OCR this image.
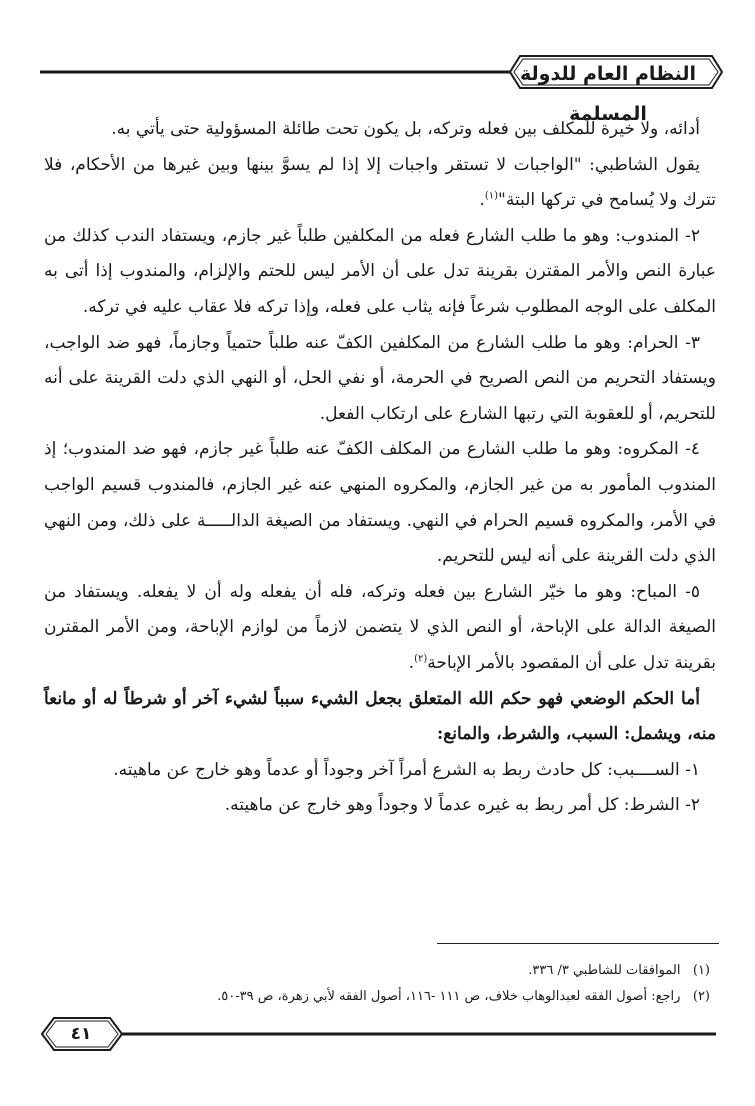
النظام العام للدولة المسلمة

أدائه، ولا خيرة للمكلف بين فعله وتركه، بل يكون تحت طائلة المسؤولية حتى يأتي به.

يقول الشاطبي: "الواجبات لا تستقر واجبات إلا إذا لم يسوَّ بينها وبين غيرها من الأحكام، فلا تترك ولا يُسامح في تركها البتة"$^{(١)}$.

٢- المندوب: وهو ما طلب الشارع فعله من المكلفين طلباً غير جازم، ويستفاد الندب كذلك من عبارة النص والأمر المقترن بقرينة تدل على أن الأمر ليس للحتم والإلزام، والمندوب إذا أتى به المكلف على الوجه المطلوب شرعاً فإنه يثاب على فعله، وإذا تركه فلا عقاب عليه في تركه.

٣- الحرام: وهو ما طلب الشارع من المكلفين الكفّ عنه طلباً حتمياً وجازماً، فهو ضد الواجب، ويستفاد التحريم من النص الصريح في الحرمة، أو نفي الحل، أو النهي الذي دلت القرينة على أنه للتحريم، أو للعقوبة التي رتبها الشارع على ارتكاب الفعل.

٤- المكروه: وهو ما طلب الشارع من المكلف الكفّ عنه طلباً غير جازم، فهو ضد المندوب؛ إذ المندوب المأمور به من غير الجازم، والمكروه المنهي عنه غير الجازم، فالمندوب قسيم الواجب في الأمر، والمكروه قسيم الحرام في النهي. ويستفاد من الصيغة الدالـــــة على ذلك، ومن النهي الذي دلت القرينة على أنه ليس للتحريم.

٥- المباح: وهو ما خيّر الشارع بين فعله وتركه، فله أن يفعله وله أن لا يفعله. ويستفاد من الصيغة الدالة على الإباحة، أو النص الذي لا يتضمن لازماً من لوازم الإباحة، ومن الأمر المقترن بقرينة تدل على أن المقصود بالأمر الإباحة$^{(٢)}$.

أما الحكم الوضعي فهو حكم الله المتعلق بجعل الشيء سبباً لشيء آخر أو شرطاً له أو مانعاً منه، ويشمل: السبب، والشرط، والمانع:

١- الســــبب: كل حادث ربط به الشرع أمراً آخر وجوداً أو عدماً وهو خارج عن ماهيته.

٢- الشرط: كل أمر ربط به غيره عدماً لا وجوداً وهو خارج عن ماهيته.

(١)   الموافقات للشاطبي ٣/ ٣٣٦.
(٢)   راجع: أصول الفقه لعبدالوهاب خلاف، ص ١١١ -١١٦، أصول الفقه لأبي زهرة، ص ٣٩-٥٠.
٤١
